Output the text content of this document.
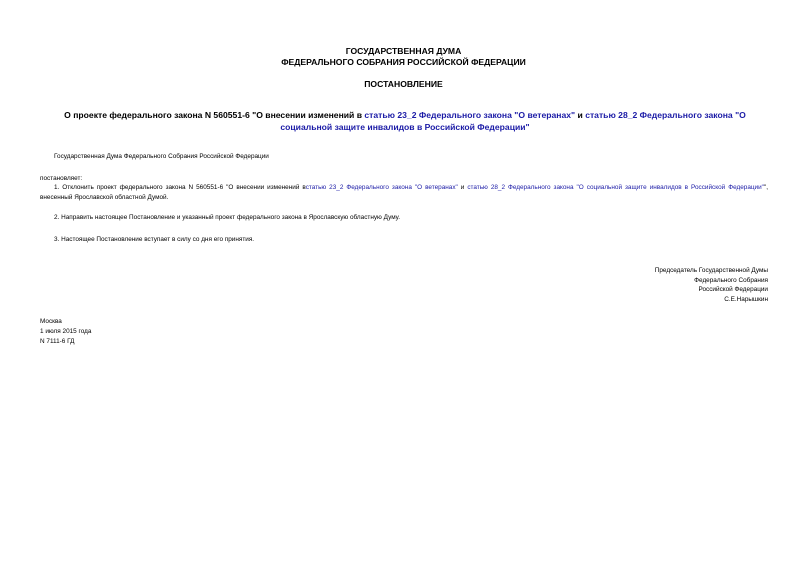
ГОСУДАРСТВЕННАЯ ДУМА
ФЕДЕРАЛЬНОГО СОБРАНИЯ РОССИЙСКОЙ ФЕДЕРАЦИИ
ПОСТАНОВЛЕНИЕ
О проекте федерального закона N 560551-6 "О внесении изменений в статью 23_2 Федерального закона "О ветеранах" и статью 28_2 Федерального закона "О социальной защите инвалидов в Российской Федерации"
Государственная Дума Федерального Собрания Российской Федерации
постановляет:
1. Отклонить проект федерального закона N 560551-6 "О внесении изменений встатью 23_2 Федерального закона "О ветеранах" и статью 28_2 Федерального закона "О социальной защите инвалидов в Российской Федерации"", внесенный Ярославской областной Думой.
2. Направить настоящее Постановление и указанный проект федерального закона в Ярославскую областную Думу.
3. Настоящее Постановление вступает в силу со дня его принятия.
Председатель Государственной Думы
Федерального Собрания
Российской Федерации
С.Е.Нарышкин
Москва
1 июля 2015 года
N 7111-6 ГД
